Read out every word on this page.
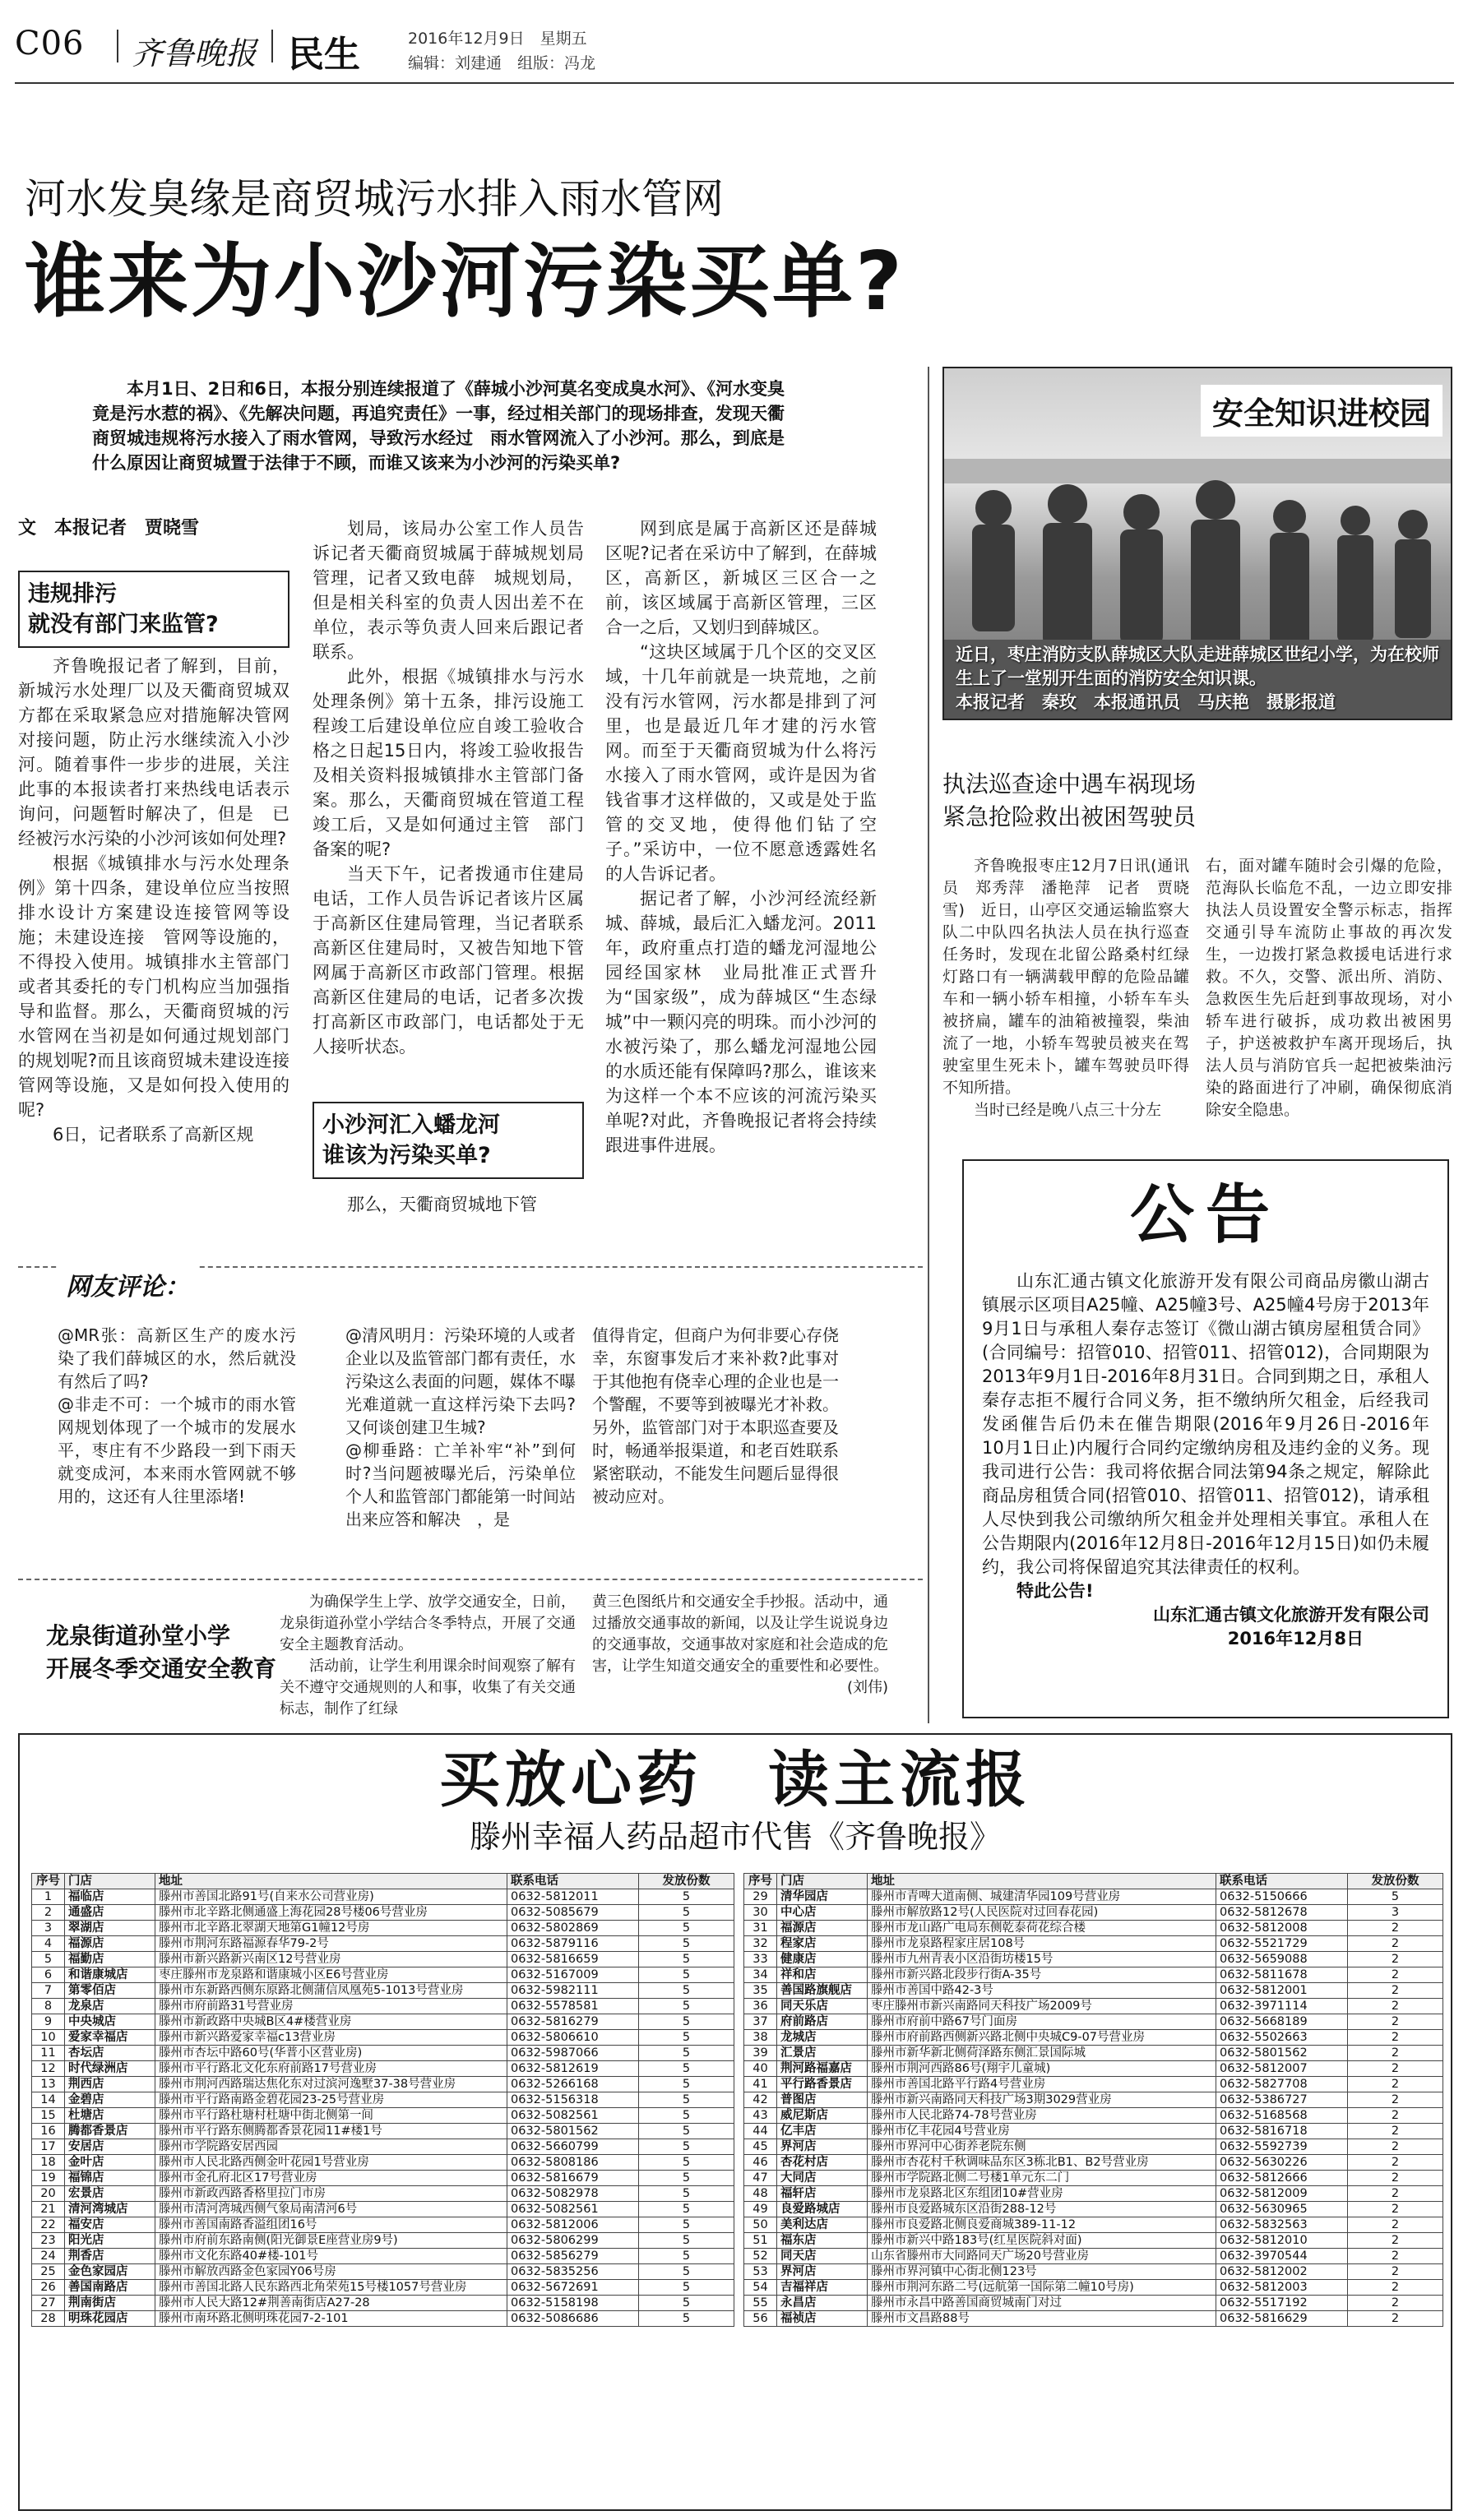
C06 齐鲁晚报 民生	2016年12月9日　星期五
编辑：刘建通　组版：冯龙
河水发臭缘是商贸城污水排入雨水管网
谁来为小沙河污染买单?
本月1日、2日和6日，本报分别连续报道了《薛城小沙河莫名变成臭水河》、《河水变臭　竟是污水惹的祸》、《先解决问题，再追究责任》一事，经过相关部门的现场排查，发现天衢商贸城违规将污水接入了雨水管网，导致污水经过　雨水管网流入了小沙河。那么，到底是什么原因让商贸城置于法律于不顾，而谁又该来为小沙河的污染买单?
文　本报记者　贾晓雪
违规排污
就没有部门来监管?

齐鲁晚报记者了解到，目前，新城污水处理厂以及天衢商贸城双方都在采取紧急应对措施解决管网对接问题，防止污水继续流入小沙河。随着事件一步步的进展，关注此事的本报读者打来热线电话表示询问，问题暂时解决了，但是　已经被污水污染的小沙河该如何处理?

根据《城镇排水与污水处理条例》第十四条，建设单位应当按照排水设计方案建设连接管网等设施；未建设连接　管网等设施的，不得投入使用。城镇排水主管部门或者其委托的专门机构应当加强指导和监督。那么，天衢商贸城的污　水管网在当初是如何通过规划部门的规划呢?而且该商贸城未建设连接管网等设施，又是如何投入使用的呢?

6日，记者联系了高新区规

划局，该局办公室工作人员告诉记者天衢商贸城属于薛城规划局管理，记者又致电薛　城规划局，但是相关科室的负责人因出差不在单位，表示等负责人回来后跟记者联系。

此外，根据《城镇排水与污水处理条例》第十五条，排污设施工程竣工后建设单位应自竣工验收合格之日起15日内，将竣工验收报告及相关资料报城镇排水主管部门备案。那么，天衢商贸城在管道工程竣工后，又是如何通过主管　部门备案的呢?

当天下午，记者拨通市住建局电话，工作人员告诉记者该片区属于高新区住建局管理，当记者联系高新区住建局时，又被告知地下管网属于高新区市政部门管理。根据高新区住建局的电话，记者多次拨打高新区市政部门，电话都处于无人接听状态。

小沙河汇入蟠龙河
谁该为污染买单?

那么，天衢商贸城地下管

网到底是属于高新区还是薛城区呢?记者在采访中了解到，在薛城区，高新区，新城区三区合一之前，该区域属于高新区管理，三区合一之后，又划归到薛城区。

“这块区域属于几个区的交叉区域，十几年前就是一块荒地，之前没有污水管网，污水都是排到了河里，也是最近几年才建的污水管网。而至于天衢商贸城为什么将污水接入了雨水管网，或许是因为省钱省事才这样做的，又或是处于监管的交叉地，使得他们钻了空子。”采访中，一位不愿意透露姓名的人告诉记者。

据记者了解，小沙河经流经新城、薛城，最后汇入蟠龙河。2011年，政府重点打造的蟠龙河湿地公园经国家林　业局批准正式晋升为“国家级”，成为薛城区“生态绿城”中一颗闪亮的明珠。而小沙河的水被污染了，那么蟠龙河湿地公园的水质还能有保障吗?那么，谁该来为这样一个本不应该的河流污染买单呢?对此，齐鲁晚报记者将会持续跟进事件进展。

安全知识进校园
近日，枣庄消防支队薛城区大队走进薛城区世纪小学，为在校师生上了一堂别开生面的消防安全知识课。
本报记者　秦玫　本报通讯员　马庆艳　摄影报道
执法巡查途中遇车祸现场
紧急抢险救出被困驾驶员

齐鲁晚报枣庄12月7日讯(通讯员　郑秀萍　潘艳萍　记者　贾晓雪)　近日，山亭区交通运输监察大队二中队四名执法人员在执行巡查任务时，发现在北留公路桑村红绿灯路口有一辆满载甲醇的危险品罐车和一辆小轿车相撞，小轿车车头被挤扁，罐车的油箱被撞裂，柴油流了一地，小轿车驾驶员被夹在驾驶室里生死未卜，罐车驾驶员吓得不知所措。

当时已经是晚八点三十分左

右，面对罐车随时会引爆的危险，范海队长临危不乱，一边立即安排执法人员设置安全警示标志，指挥交通引导车流防止事故的再次发生，一边拨打紧急救援电话进行求救。不久，交警、派出所、消防、急救医生先后赶到事故现场，对小轿车进行破拆，成功救出被困男子，护送被救护车离开现场后，执法人员与消防官兵一起把被柴油污染的路面进行了冲刷，确保彻底消除安全隐患。

网友评论：

@MR张：高新区生产的废水污染了我们薛城区的水，然后就没有然后了吗?

@非走不可：一个城市的雨水管网规划体现了一个城市的发展水平，枣庄有不少路段一到下雨天就变成河，本来雨水管网就不够用的，这还有人往里添堵!

@清风明月：污染环境的人或者企业以及监管部门都有责任，水污染这么表面的问题，媒体不曝光难道就一直这样污染下去吗?又何谈创建卫生城?

@柳垂路：亡羊补牢“补”到何时?当问题被曝光后，污染单位个人和监管部门都能第一时间站出来应答和解决　，是

值得肯定，但商户为何非要心存侥幸，东窗事发后才来补救?此事对于其他抱有侥幸心理的企业也是一个警醒，不要等到被曝光才补救。另外，监管部门对于本职巡查要及时，畅通举报渠道，和老百姓联系紧密联动，不能发生问题后显得很被动应对。

龙泉街道孙堂小学
开展冬季交通安全教育

为确保学生上学、放学交通安全，日前，龙泉街道孙堂小学结合冬季特点，开展了交通安全主题教育活动。

活动前，让学生利用课余时间观察了解有关不遵守交通规则的人和事，收集了有关交通标志，制作了红绿

黄三色图纸片和交通安全手抄报。活动中，通过播放交通事故的新闻，以及让学生说说身边的交通事故，交通事故对家庭和社会造成的危害，让学生知道交通安全的重要性和必要性。

(刘伟)

公告
山东汇通古镇文化旅游开发有限公司商品房徽山湖古镇展示区项目A25幢、A25幢3号、A25幢4号房于2013年9月1日与承租人秦存志签订《微山湖古镇房屋租赁合同》(合同编号：招管010、招管011、招管012)，合同期限为2013年9月1日-2016年8月31日。合同到期之日，承租人秦存志拒不履行合同义务，拒不缴纳所欠租金，后经我司发函催告后仍未在催告期限(2016年9月26日-2016年　10月1日止)内履行合同约定缴纳房租及违约金的义务。现我司进行公告：我司将依据合同法第94条之规定，解除此商品房租赁合同(招管010、招管011、招管012)，请承租人尽快到我公司缴纳所欠租金并处理相关事宜。承租人在公告期限内(2016年12月8日-2016年12月15日)如仍未履约，我公司将保留追究其法律责任的权利。
特此公告!
山东汇通古镇文化旅游开发有限公司
2016年12月8日
买放心药　读主流报
滕州幸福人药品超市代售《齐鲁晚报》
序号	门店	地址	联系电话	发放份数
1	福临店	滕州市善国北路91号(自来水公司营业房)	0632-5812011	5
2	通盛店	滕州市北辛路北侧通盛上海花园28号楼06号营业房	0632-5085679	5
3	翠湖店	滕州市北辛路北翠湖天地第G1幢12号房	0632-5802869	5
4	福源店	滕州市荆河东路福源春华79-2号	0632-5879116	5
5	福勤店	滕州市新兴路新兴南区12号营业房	0632-5816659	5
6	和谐康城店	枣庄滕州市龙泉路和谐康城小区E6号营业房	0632-5167009	5
7	第零佰店	滕州市东新路西侧东原路北侧蒲信凤凰苑5-1013号营业房	0632-5982111	5
8	龙泉店	滕州市府前路31号营业房	0632-5578581	5
9	中央城店	滕州市新政路中央城B区4#楼营业房	0632-5816279	5
10	爱家幸福店	滕州市新兴路爱家幸福c13营业房	0632-5806610	5
11	杏坛店	滕州市杏坛中路60号(华普小区营业房)	0632-5987066	5
12	时代绿洲店	滕州市平行路北文化东府前路17号营业房	0632-5812619	5
13	荆西店	滕州市荆河西路瑞达焦化东对过滨河逸墅37-38号营业房	0632-5266168	5
14	金碧店	滕州市平行路南路金碧花园23-25号营业房	0632-5156318	5
15	杜塘店	滕州市平行路杜塘村杜塘中街北侧第一间	0632-5082561	5
16	腾都香景店	滕州市平行路东侧腾都香景花园11#楼1号	0632-5801562	5
17	安居店	滕州市学院路安居西园	0632-5660799	5
18	金叶店	滕州市人民北路西侧金叶花园1号营业房	0632-5808186	5
19	福锦店	滕州市金孔府北区17号营业房	0632-5816679	5
20	宏景店	滕州市新政西路香格里拉门市房	0632-5082978	5
21	清河湾城店	滕州市清河湾城西侧气象局南清河6号	0632-5082561	5
22	福安店	滕州市善国南路香溢组团16号	0632-5812006	5
23	阳光店	滕州市府前东路南侧(阳光御景E座营业房9号)	0632-5806299	5
24	荆香店	滕州市文化东路40#楼-101号	0632-5856279	5
25	金色家园店	滕州市解放西路金色家园Y06号房	0632-5835256	5
26	善国南路店	滕州市善国北路人民东路西北角荣苑15号楼1057号营业房	0632-5672691	5
27	荆南街店	滕州市人民大路12#荆善南街店A27-28	0632-5158198	5
28	明珠花园店	滕州市南环路北侧明珠花园7-2-101	0632-5086686	5
序号	门店	地址	联系电话	发放份数
29	清华园店	滕州市青啤大道南侧、城建清华园109号营业房	0632-5150666	5
30	中心店	滕州市解放路12号(人民医院对过回春花园)	0632-5812678	3
31	福源店	滕州市龙山路广电局东侧乾泰荷花综合楼	0632-5812008	2
32	程家店	滕州市龙泉路程家庄居108号	0632-5521729	2
33	健康店	滕州市九州青表小区沿街坊楼15号	0632-5659088	2
34	祥和店	滕州市新兴路北段步行街A-35号	0632-5811678	2
35	善国路旗舰店	滕州市善国中路42-3号	0632-5812001	2
36	同天乐店	枣庄滕州市新兴南路同天科技广场2009号	0632-3971114	2
37	府前路店	滕州市府前中路67号门面房	0632-5668189	2
38	龙城店	滕州市府前路西侧新兴路北侧中央城C9-07号营业房	0632-5502663	2
39	汇景店	滕州市新华新北侧荷泽路东侧汇景国际城	0632-5801562	2
40	荆河路福嘉店	滕州市荆河西路86号(翔宇儿童城)	0632-5812007	2
41	平行路香景店	滕州市善国北路平行路4号营业房	0632-5827708	2
42	普图店	滕州市新兴南路同天科技广场3期3029营业房	0632-5386727	2
43	威尼斯店	滕州市人民北路74-78号营业房	0632-5168568	2
44	亿丰店	滕州市亿丰花园4号营业房	0632-5816718	2
45	界河店	滕州市界河中心街养老院东侧	0632-5592739	2
46	杏花村店	滕州市杏花村千秋调味品东区3栋北B1、B2号营业房	0632-5630226	2
47	大同店	滕州市学院路北侧二号楼1单元东二门	0632-5812666	2
48	福轩店	滕州市龙泉路北区东组团10#营业房	0632-5812009	2
49	良爱路城店	滕州市良爱路城东区沿街288-12号	0632-5630965	2
50	美利达店	滕州市良爱路北侧良爱商城389-11-12	0632-5832563	2
51	福东店	滕州市新兴中路183号(红星医院斜对面)	0632-5812010	2
52	同天店	山东省滕州市大同路同天广场20号营业房	0632-3970544	2
53	界河店	滕州市界河镇中心街北侧123号	0632-5812002	2
54	吉福祥店	滕州市荆河东路二号(远航第一国际第二幢10号房)	0632-5812003	2
55	永昌店	滕州市永昌中路善国商贸城南门对过	0632-5517192	2
56	福祯店	滕州市文昌路88号	0632-5816629	2
